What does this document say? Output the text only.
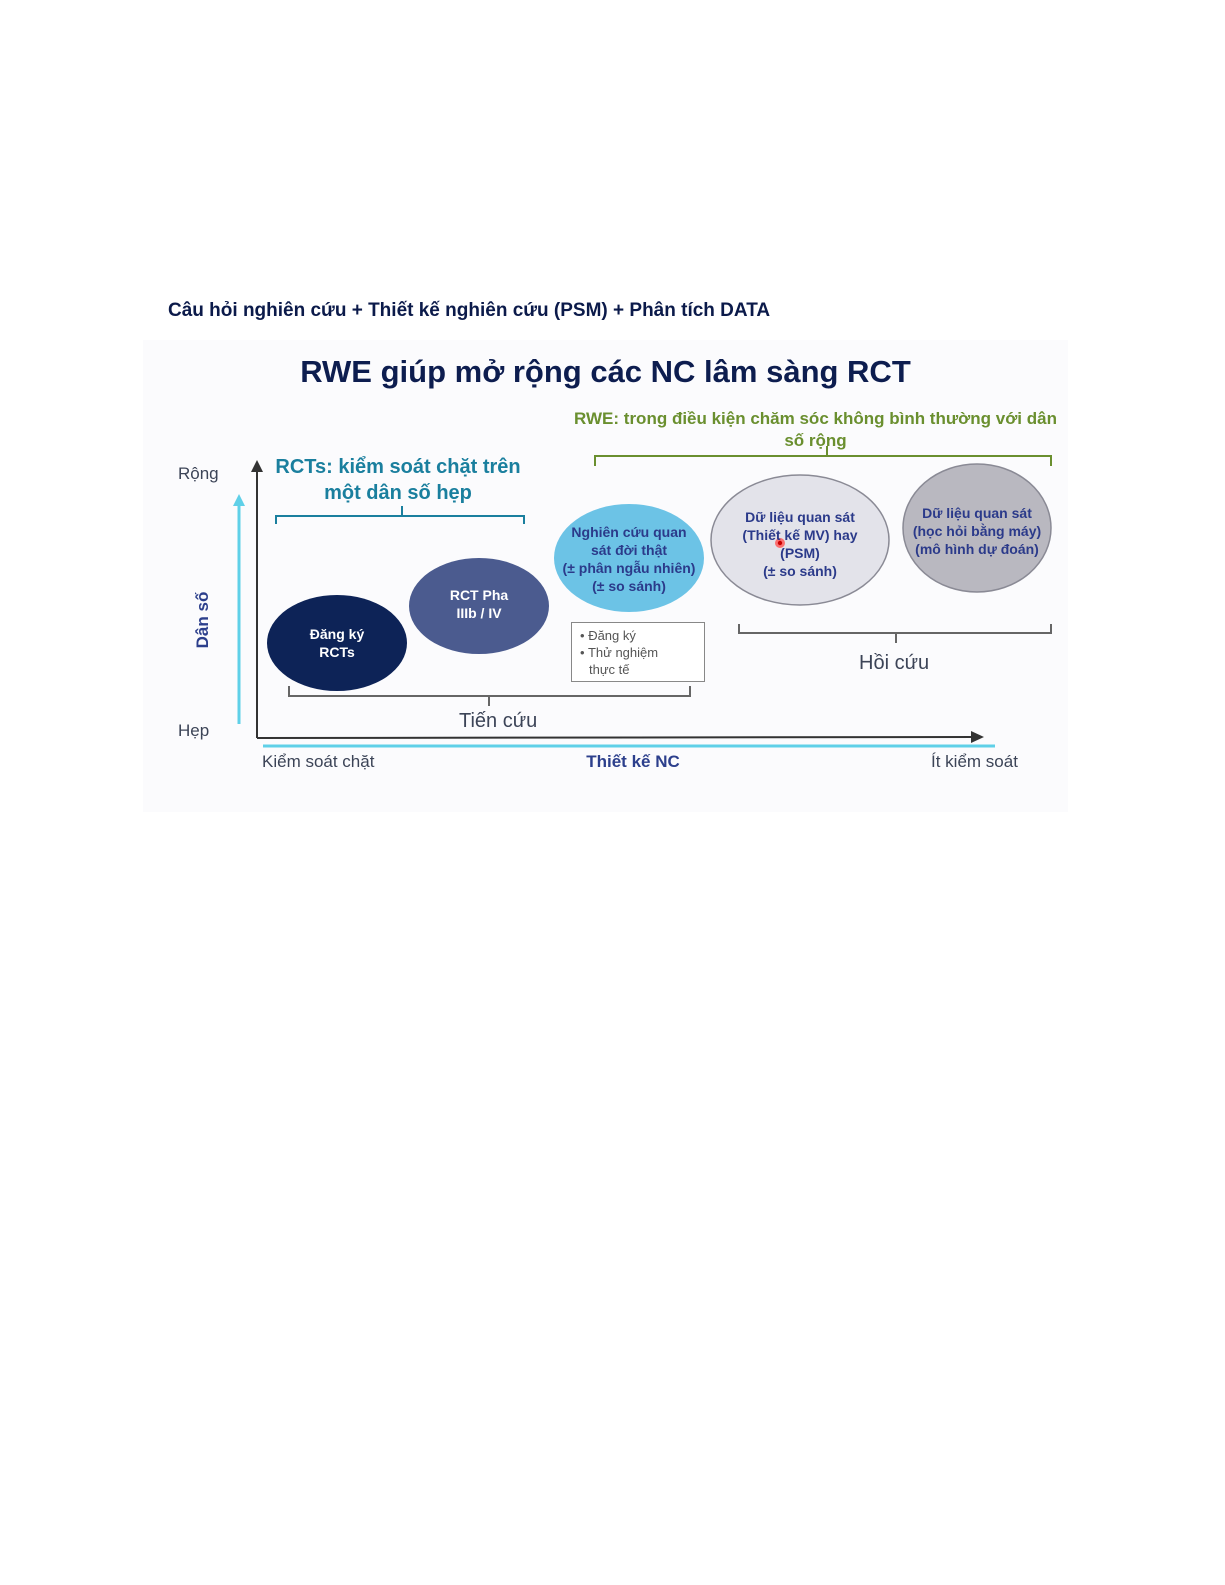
Câu hỏi nghiên cứu + Thiết kế nghiên cứu (PSM) + Phân tích DATA
RWE giúp mở rộng các NC lâm sàng RCT
RWE: trong điều kiện chăm sóc không bình thường với dân số rộng
RCTs: kiểm soát chặt trên một dân số hẹp
Rộng
Hẹp
Dân số
Kiểm soát chặt	Thiết kế NC	Ít kiểm soát
Đăng ký
RCTs
RCT Pha
IIIb / IV
Nghiên cứu quan
sát đời thật
(± phân ngẫu nhiên)
(± so sánh)
Dữ liệu quan sát
(Thiết kế MV) hay
(PSM)
(± so sánh)
Dữ liệu quan sát
(học hỏi bằng máy)
(mô hình dự đoán)
• Đăng ký
• Thử nghiệm
thực tế
Tiến cứu
Hồi cứu
